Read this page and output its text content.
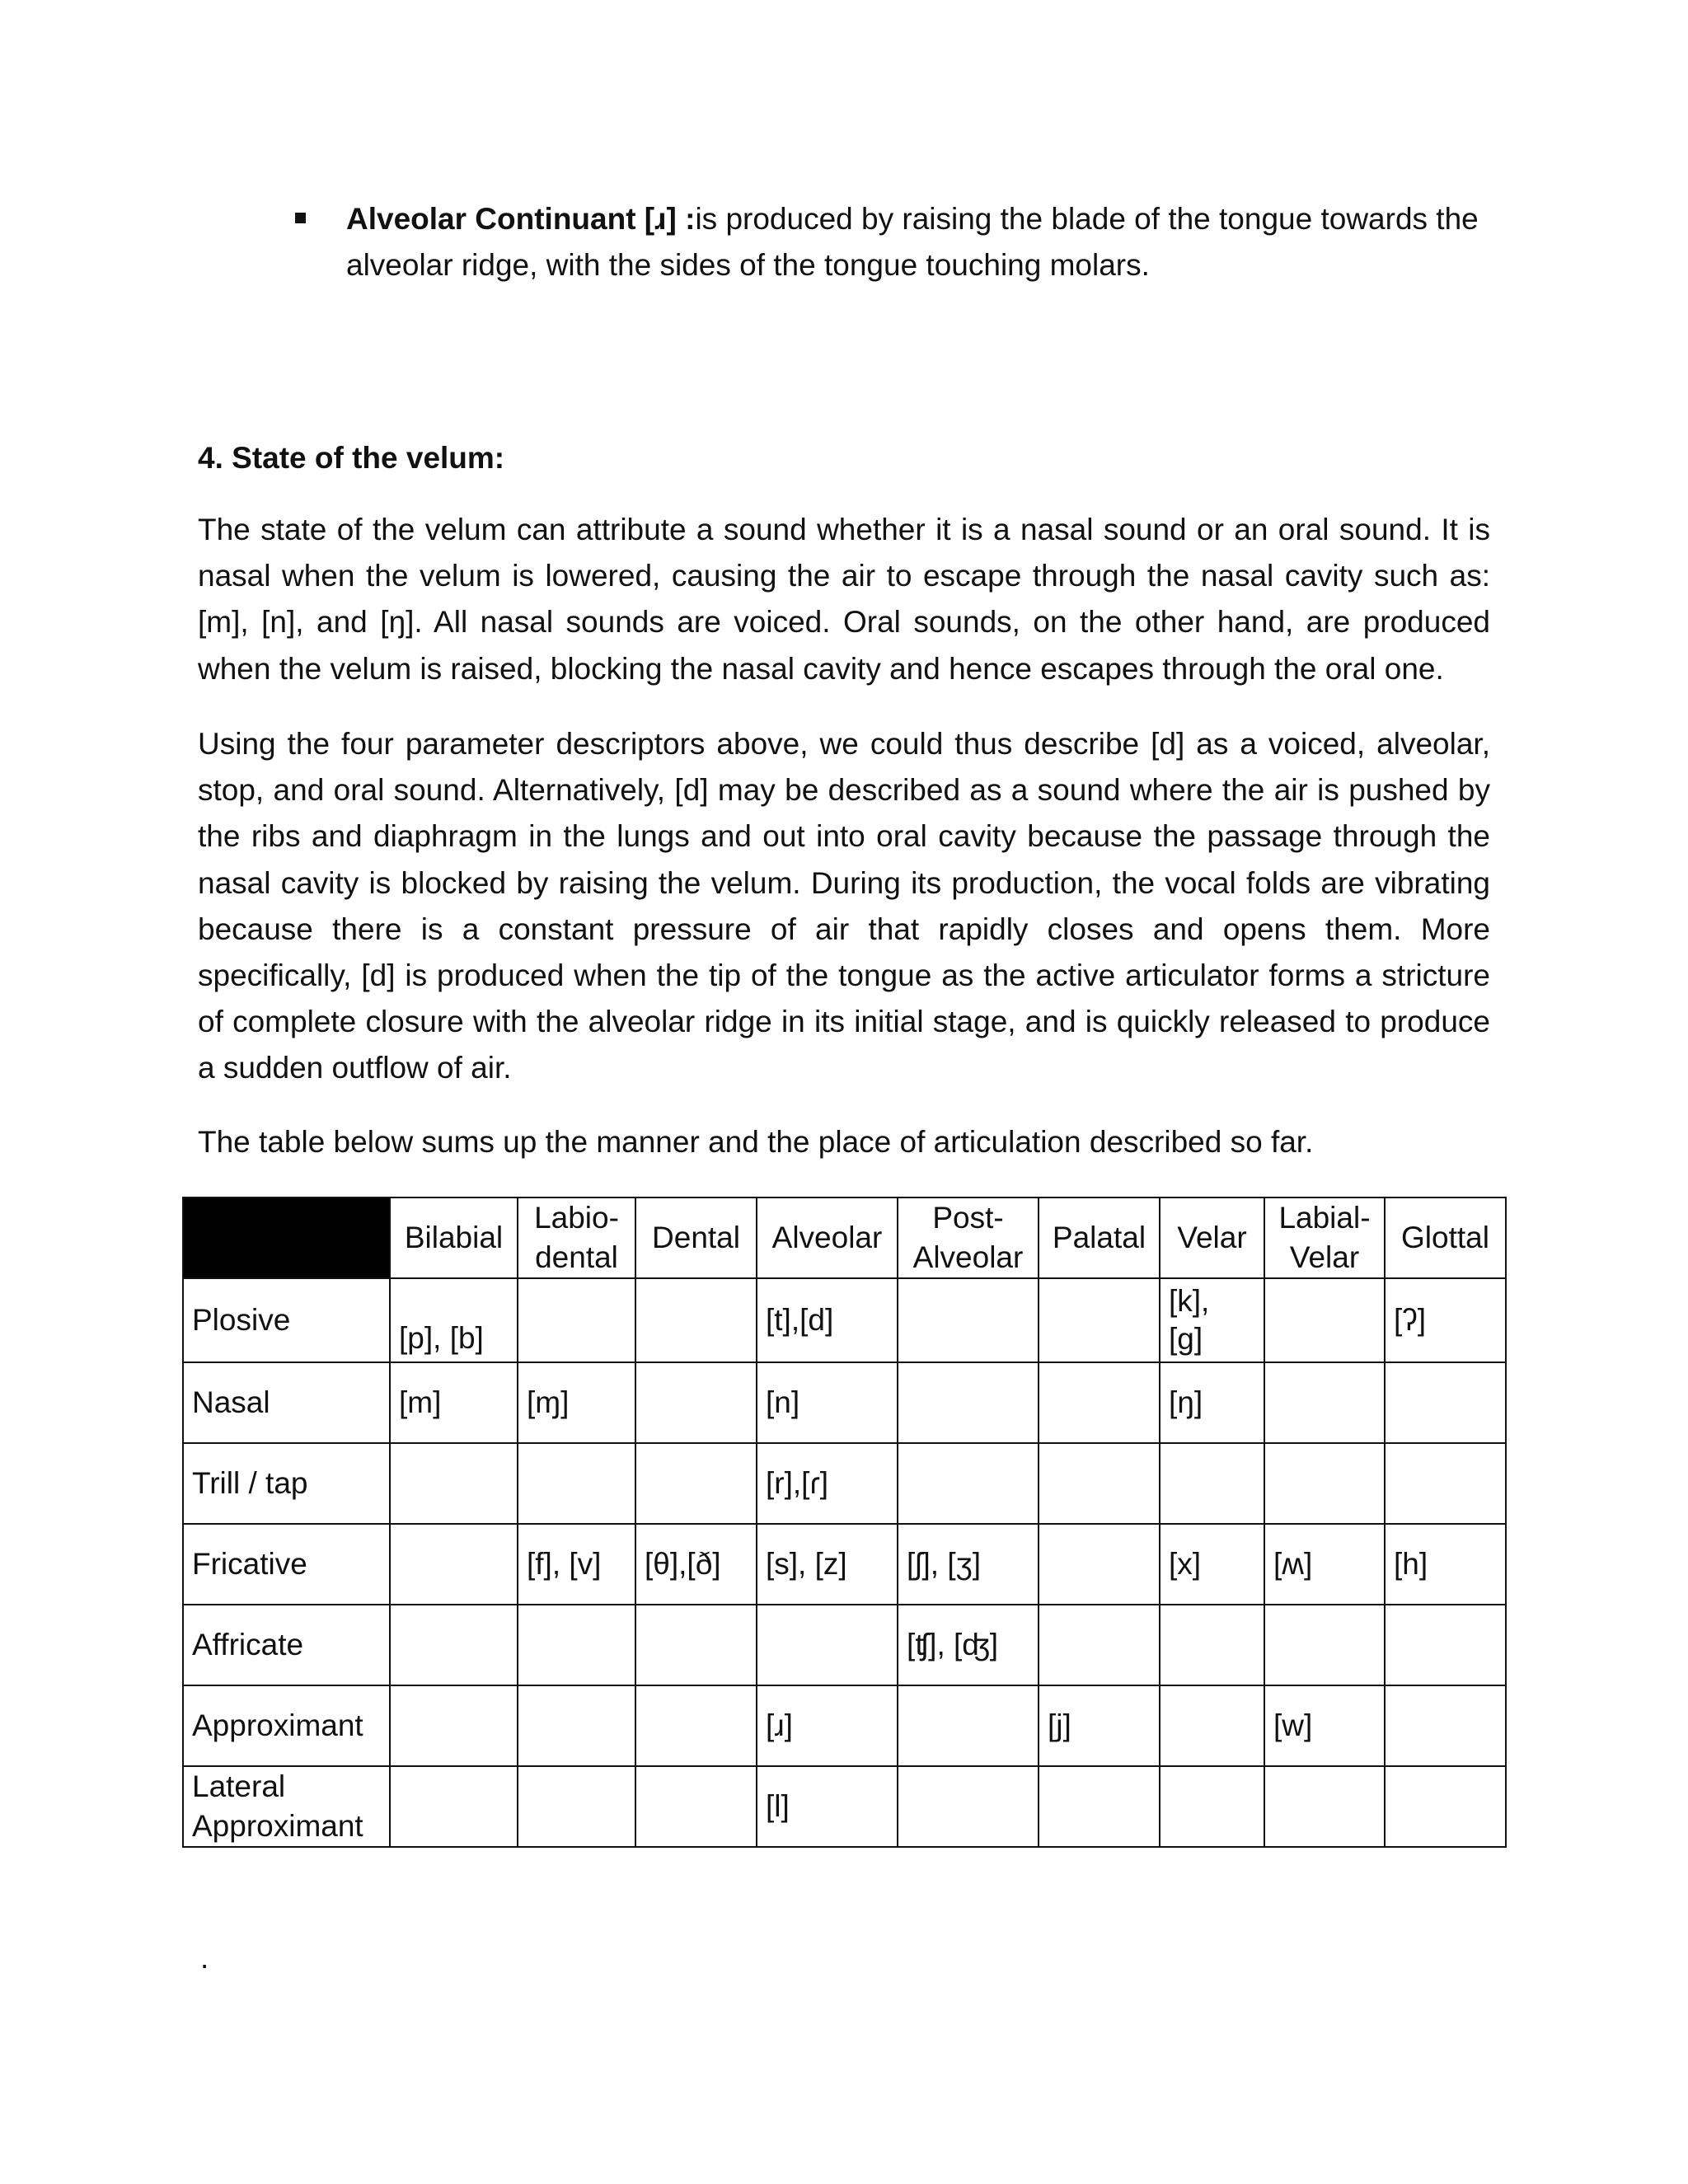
Alveolar Continuant [ɹ] :is produced by raising the blade of the tongue towards the alveolar ridge, with the sides of the tongue touching molars.
4. State of the velum:

The state of the velum can attribute a sound whether it is a nasal sound or an oral sound. It is nasal when the velum is lowered, causing the air to escape through the nasal cavity such as: [m], [n], and [ŋ]. All nasal sounds are voiced. Oral sounds, on the other hand, are produced when the velum is raised, blocking the nasal cavity and hence escapes through the oral one.

Using the four parameter descriptors above, we could thus describe [d] as a voiced, alveolar, stop, and oral sound. Alternatively, [d] may be described as a sound where the air is pushed by the ribs and diaphragm in the lungs and out into oral cavity because the passage through the nasal cavity is blocked by raising the velum. During its production, the vocal folds are vibrating because there is a constant pressure of air that rapidly closes and opens them. More specifically, [d] is produced when the tip of the tongue as the active articulator forms a stricture of complete closure with the alveolar ridge in its initial stage, and is quickly released to produce a sudden outflow of air.

The table below sums up the manner and the place of articulation described so far.

	Bilabial	Labio-dental	Dental	Alveolar	Post-Alveolar	Palatal	Velar	Labial-Velar	Glottal
Plosive	[p], [b]			[t],[d]			[k], [g]		[ʔ]
Nasal	[m]	[ɱ]		[n]			[ŋ]		
Trill / tap				[r],[ɾ]					
Fricative		[f], [v]	[θ],[ð]	[s], [z]	[ʃ], [ʒ]		[x]	[ʍ]	[h]
Affricate					[ʧ], [ʤ]				
Approximant				[ɹ]		[j]		[w]	
Lateral Approximant				[l]					
.
